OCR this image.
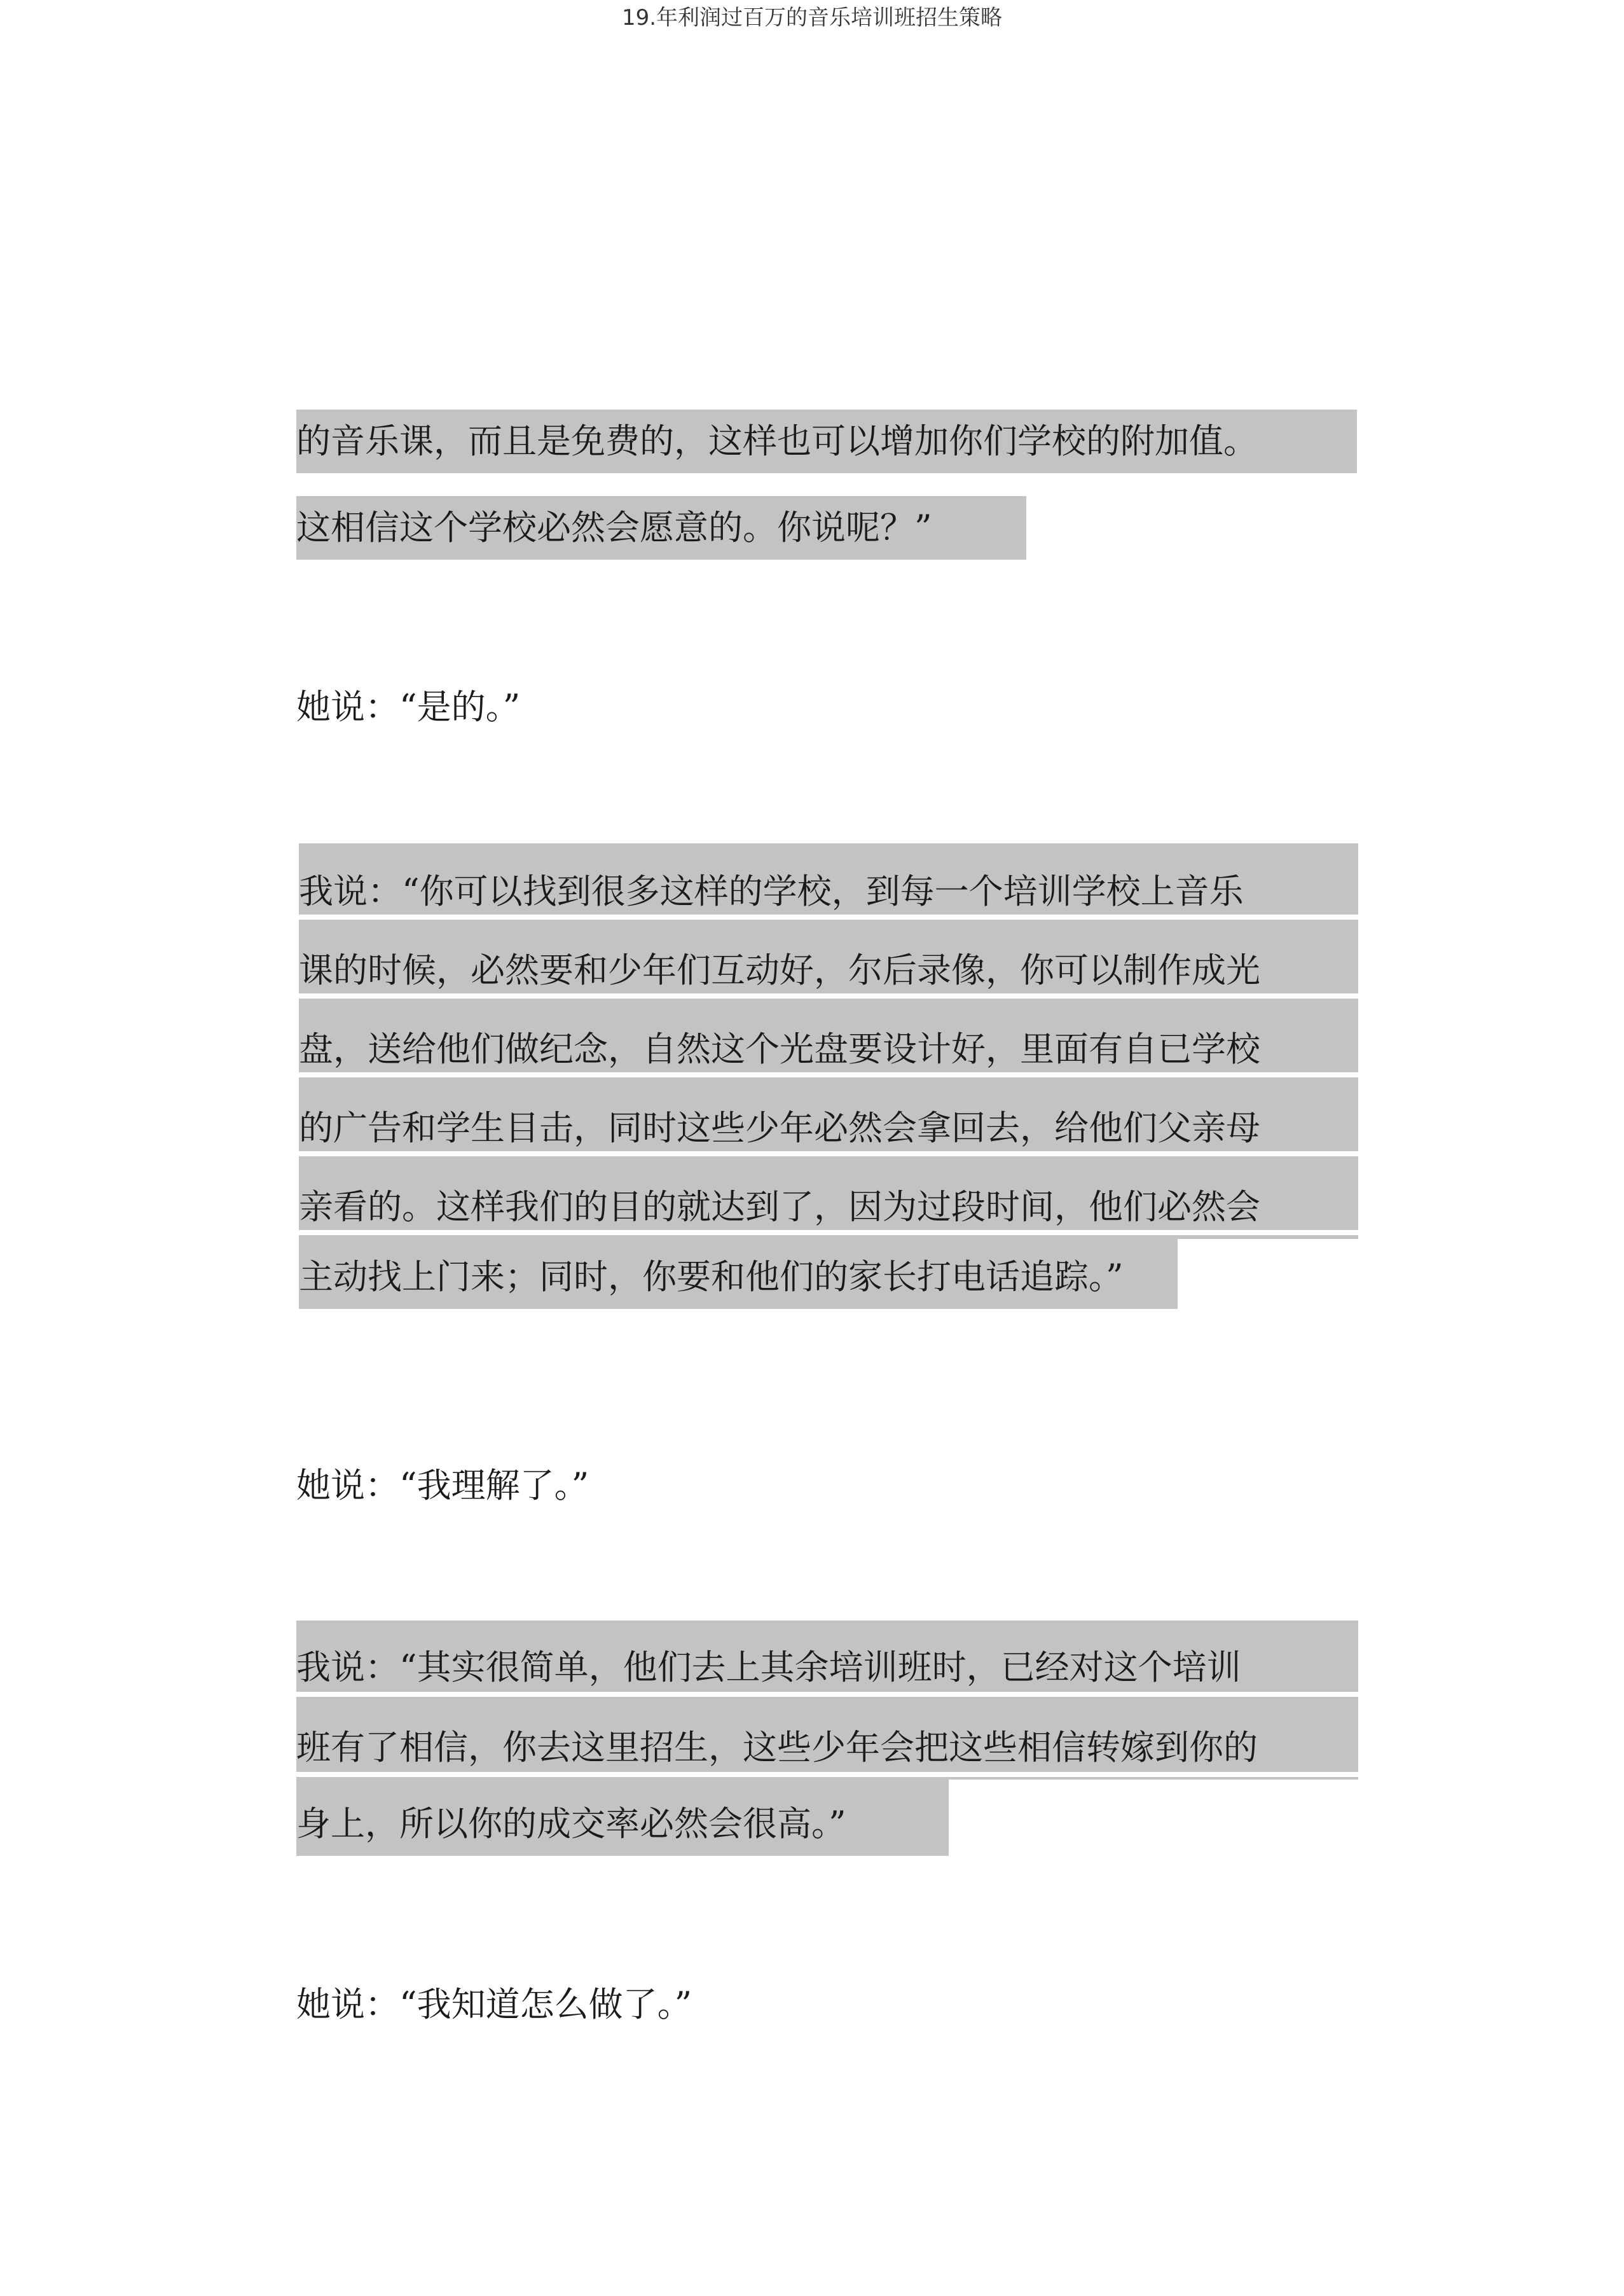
19.年利润过百万的音乐培训班招生策略
的音乐课，而且是免费的，这样也可以增加你们学校的附加值。
这相信这个学校必然会愿意的。你说呢？”
她说：“是的。”
我说：“你可以找到很多这样的学校，到每一个培训学校上音乐
课的时候，必然要和少年们互动好，尔后录像，你可以制作成光
盘，送给他们做纪念，自然这个光盘要设计好，里面有自已学校
的广告和学生目击，同时这些少年必然会拿回去，给他们父亲母
亲看的。这样我们的目的就达到了，因为过段时间，他们必然会
主动找上门来；同时，你要和他们的家长打电话追踪。”
她说：“我理解了。”
我说：“其实很简单，他们去上其余培训班时，已经对这个培训
班有了相信，你去这里招生，这些少年会把这些相信转嫁到你的
身上，所以你的成交率必然会很高。”
她说：“我知道怎么做了。”
